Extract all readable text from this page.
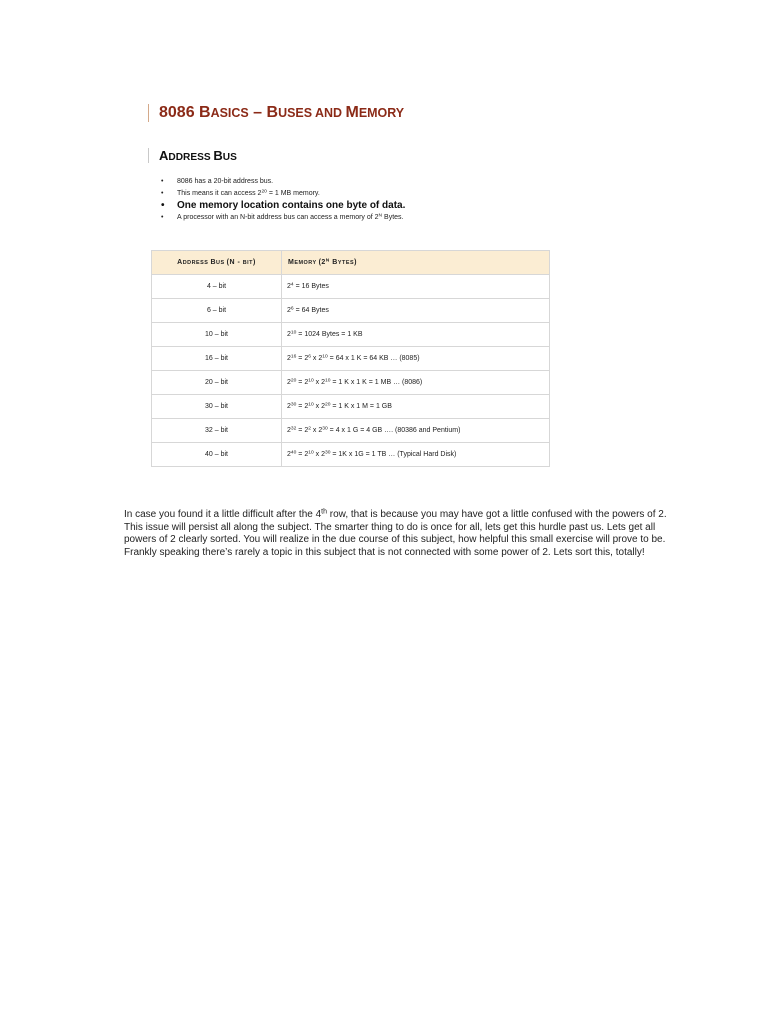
8086 BASICS – BUSES AND MEMORY
ADDRESS BUS
• 8086 has a 20-bit address bus.
• This means it can access $2^{20} = 1$ MB memory.
• One memory location contains one byte of data.
• A processor with an N-bit address bus can access a memory of $2^N$ Bytes.
ADDRESS BUS (N - BIT)	MEMORY ($2^N$ BYTES)
4 – bit	$2^4 = 16$ Bytes
6 – bit	$2^6 = 64$ Bytes
10 – bit	$2^{10} = 1024$ Bytes = 1 KB
16 – bit	$2^{16} = 2^6$ x $2^{10} = 64$ x 1 K = 64 KB … (8085)
20 – bit	$2^{20} = 2^{10}$ x $2^{10} = 1$ K x 1 K = 1 MB … (8086)
30 – bit	$2^{30} = 2^{10}$ x $2^{20} = 1$ K x 1 M = 1 GB
32 – bit	$2^{32} = 2^2$ x $2^{30} = 4$ x 1 G = 4 GB …. (80386 and Pentium)
40 – bit	$2^{40} = 2^{10}$ x $2^{30} = 1K$ x 1G = 1 TB … (Typical Hard Disk)

In case you found it a little difficult after the 4th row, that is because you may have got a little confused with the powers of 2. This issue will persist all along the subject. The smarter thing to do is once for all, lets get this hurdle past us. Lets get all powers of 2 clearly sorted. You will realize in the due course of this subject, how helpful this small exercise will prove to be. Frankly speaking there’s rarely a topic in this subject that is not connected with some power of 2. Lets sort this, totally!
